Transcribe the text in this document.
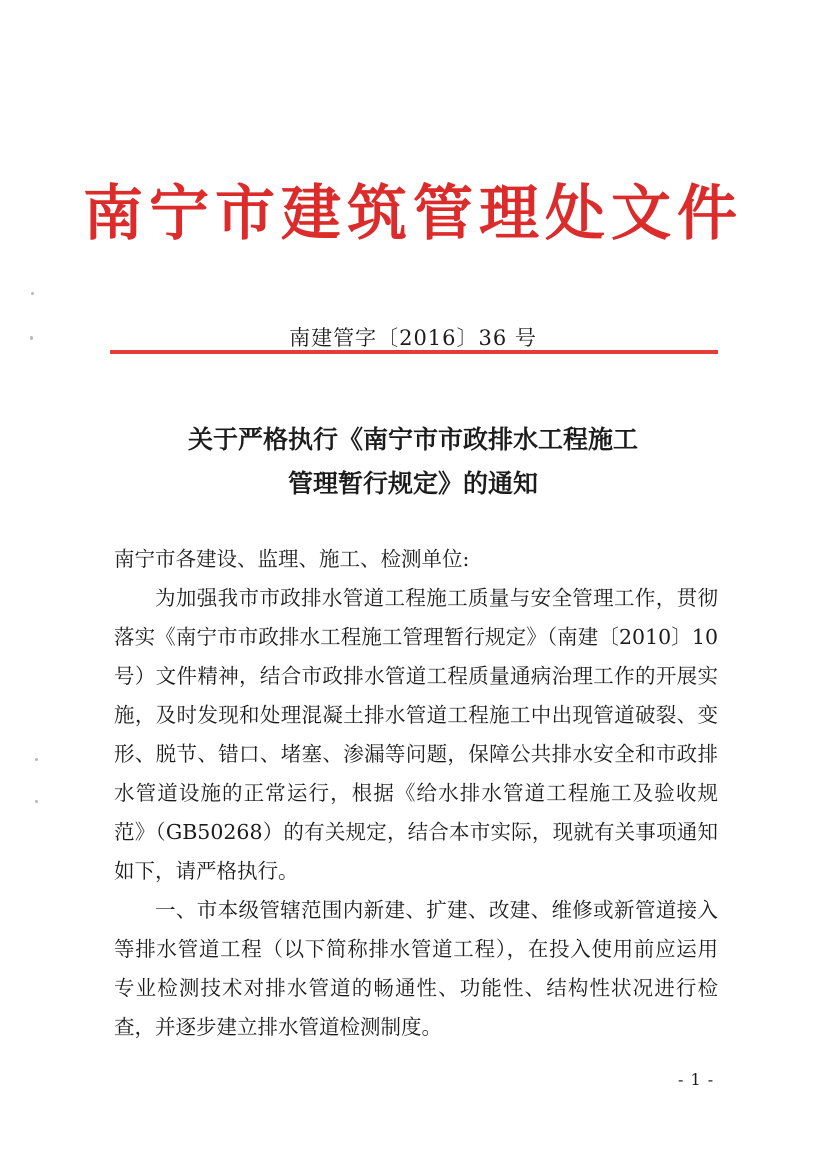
南宁市建筑管理处文件
南建管字〔2016〕36 号
关于严格执行《南宁市市政排水工程施工
管理暂行规定》的通知

南宁市各建设、监理、施工、检测单位:

为加强我市市政排水管道工程施工质量与安全管理工作，贯彻落实《南宁市市政排水工程施工管理暂行规定》（南建〔2010〕10 号）文件精神，结合市政排水管道工程质量通病治理工作的开展实施，及时发现和处理混凝土排水管道工程施工中出现管道破裂、变形、脱节、错口、堵塞、渗漏等问题，保障公共排水安全和市政排水管道设施的正常运行，根据《给水排水管道工程施工及验收规范》（GB50268）的有关规定，结合本市实际，现就有关事项通知如下，请严格执行。

一、市本级管辖范围内新建、扩建、改建、维修或新管道接入等排水管道工程（以下简称排水管道工程），在投入使用前应运用专业检测技术对排水管道的畅通性、功能性、结构性状况进行检查，并逐步建立排水管道检测制度。

- 1 -
